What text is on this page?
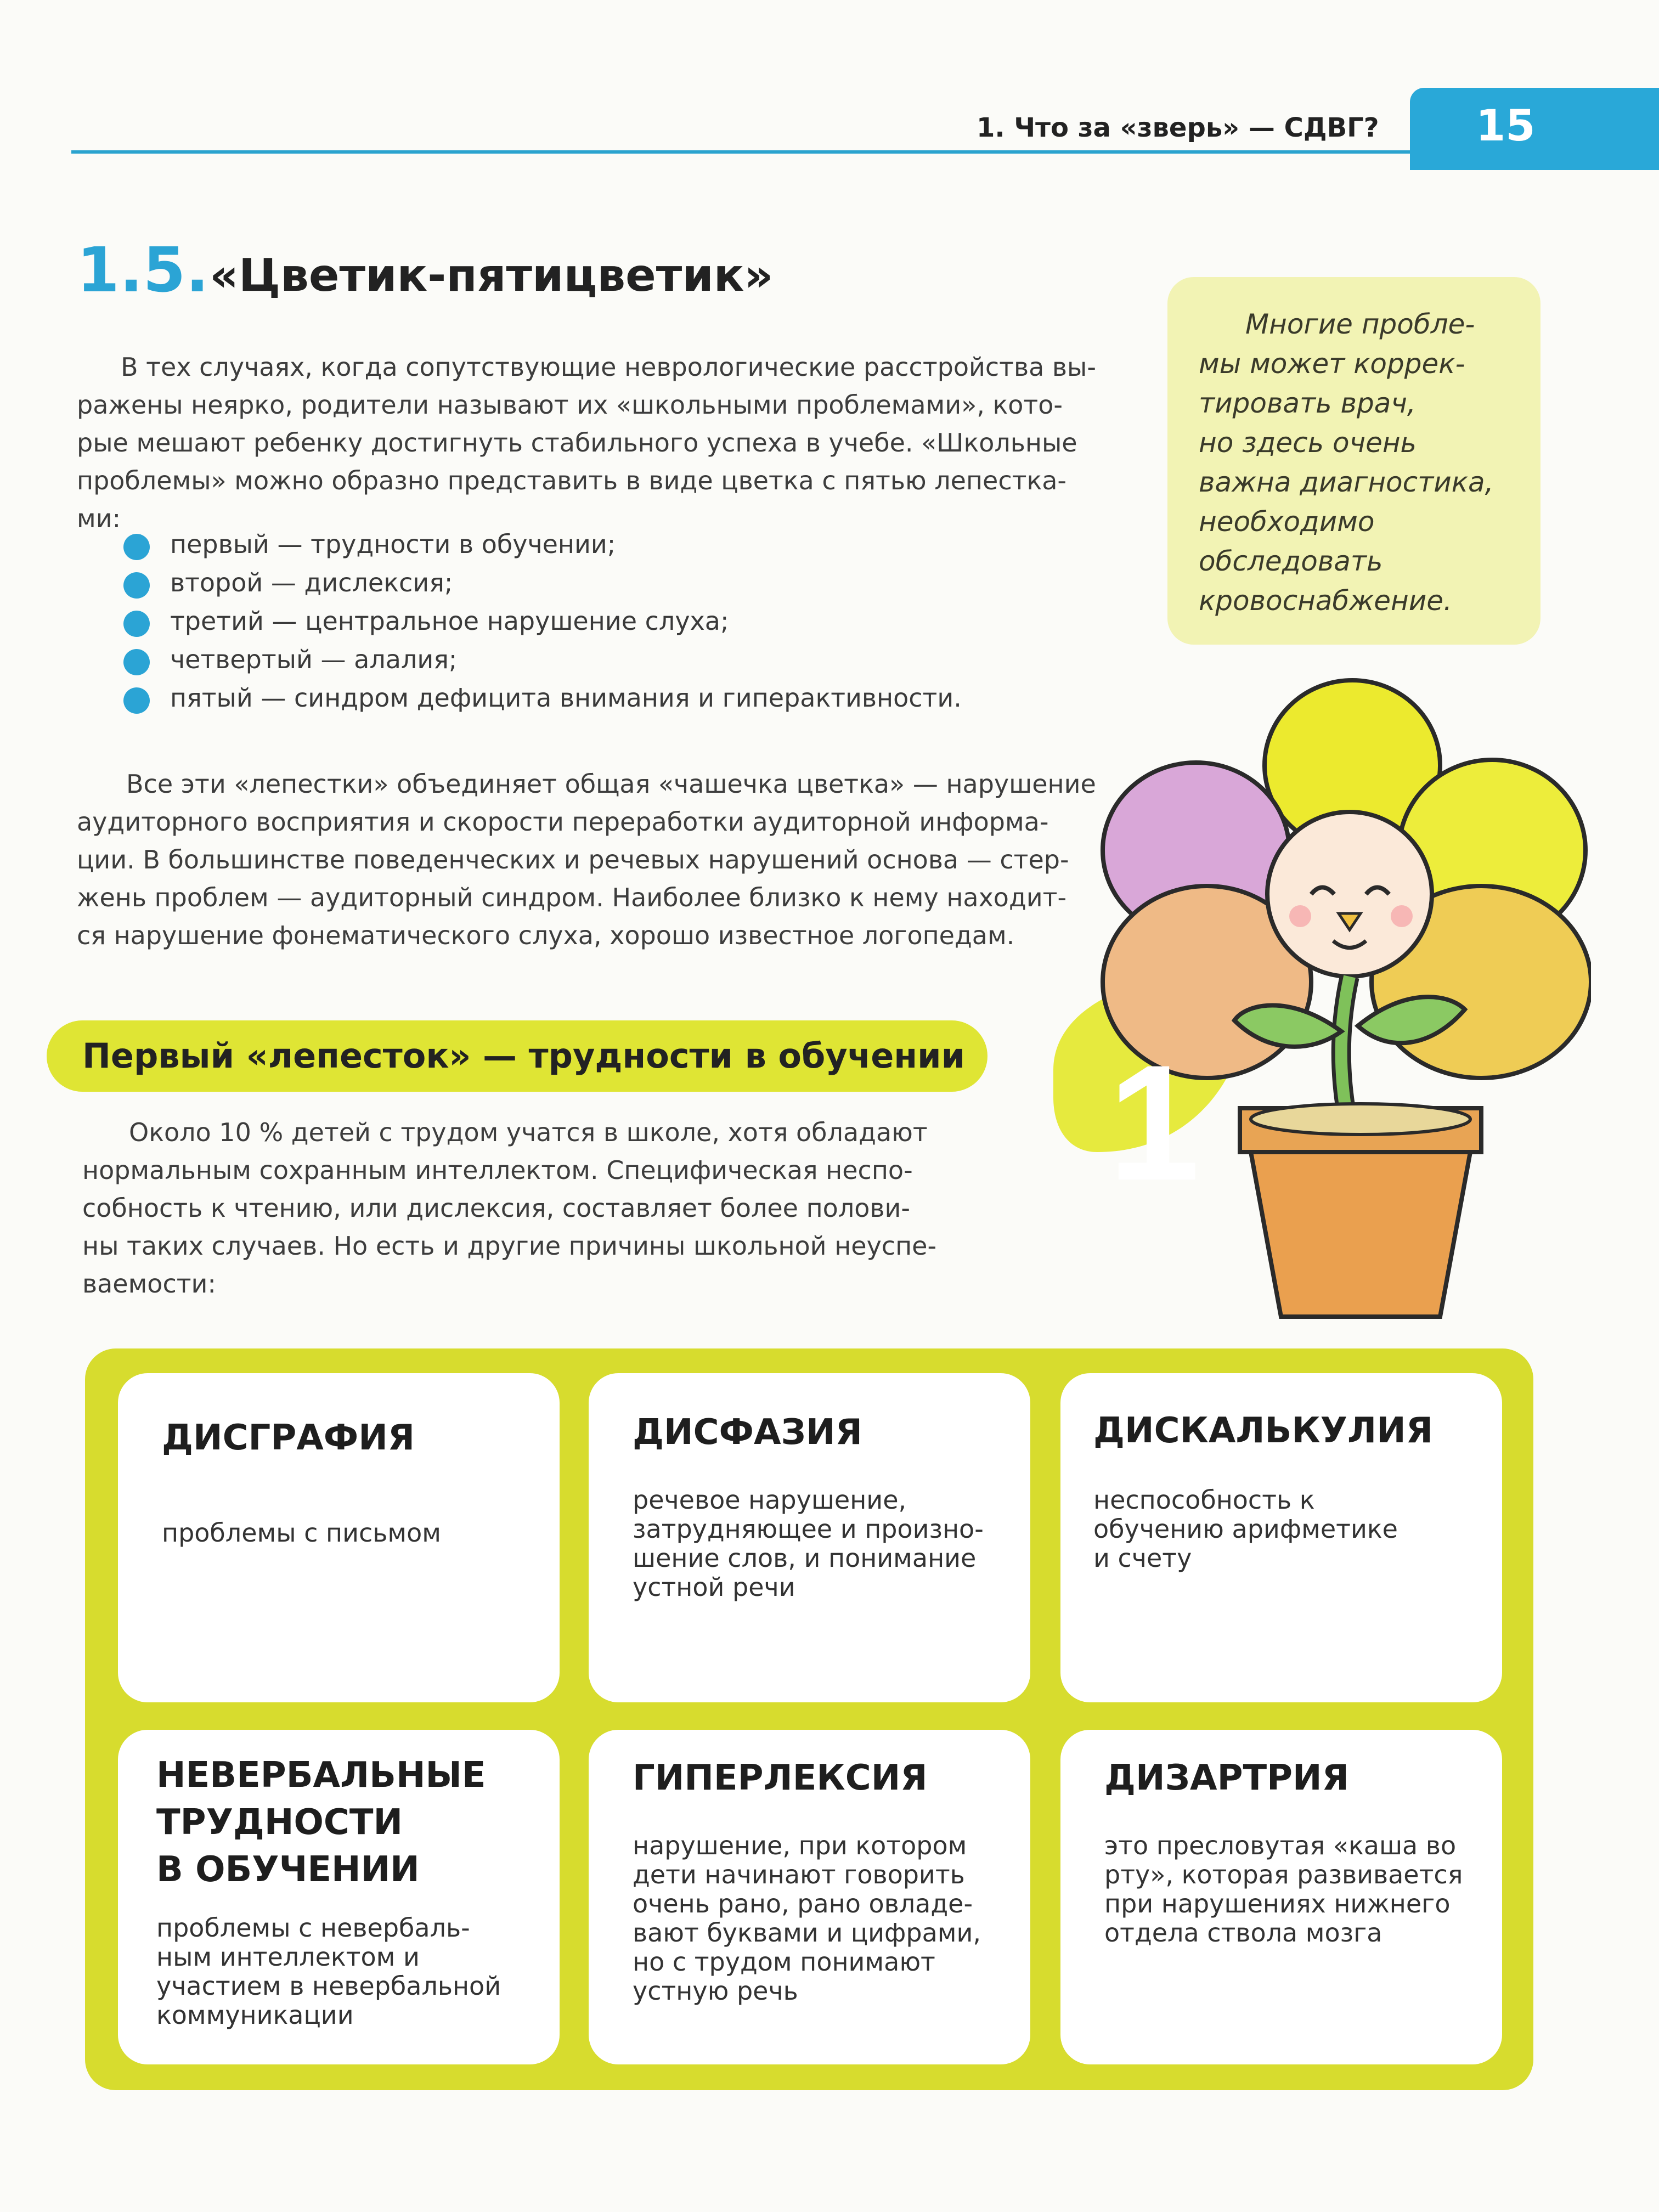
1. Что за «зверь» — СДВГ? 15
1.5. «Цветик-пятицветик»
В тех случаях, когда сопутствующие неврологические расстройства вы-
ражены неярко, родители называют их «школьными проблемами», кото-
рые мешают ребенку достигнуть стабильного успеха в учебе. «Школьные
проблемы» можно образно представить в виде цветка с пятью лепестка-
ми:
первый — трудности в обучении;
второй — дислексия;
третий — центральное нарушение слуха;
четвертый — алалия;
пятый — синдром дефицита внимания и гиперактивности.
Все эти «лепестки» объединяет общая «чашечка цветка» — нарушение
аудиторного восприятия и скорости переработки аудиторной информа-
ции. В большинстве поведенческих и речевых нарушений основа — стер-
жень проблем — аудиторный синдром. Наиболее близко к нему находит-
ся нарушение фонематического слуха, хорошо известное логопедам.
Многие пробле-
мы может коррек-
тировать врач,
но здесь очень
важна диагностика,
необходимо
обследовать
кровоснабжение.
1
Первый «лепесток» — трудности в обучении
Около 10 % детей с трудом учатся в школе, хотя обладают
нормальным сохранным интеллектом. Специфическая неспо-
собность к чтению, или дислексия, составляет более полови-
ны таких случаев. Но есть и другие причины школьной неуспе-
ваемости:
ДИСГРАФИЯ
проблемы с письмом
ДИСФАЗИЯ
речевое нарушение,
затрудняющее и произно-
шение слов, и понимание
устной речи
ДИСКАЛЬКУЛИЯ
неспособность к
обучению арифметике
и счету
НЕВЕРБАЛЬНЫЕ
ТРУДНОСТИ
В ОБУЧЕНИИ
проблемы с невербаль-
ным интеллектом и
участием в невербальной
коммуникации
ГИПЕРЛЕКСИЯ
нарушение, при котором
дети начинают говорить
очень рано, рано овладе-
вают буквами и цифрами,
но с трудом понимают
устную речь
ДИЗАРТРИЯ
это пресловутая «каша во
рту», которая развивается
при нарушениях нижнего
отдела ствола мозга
